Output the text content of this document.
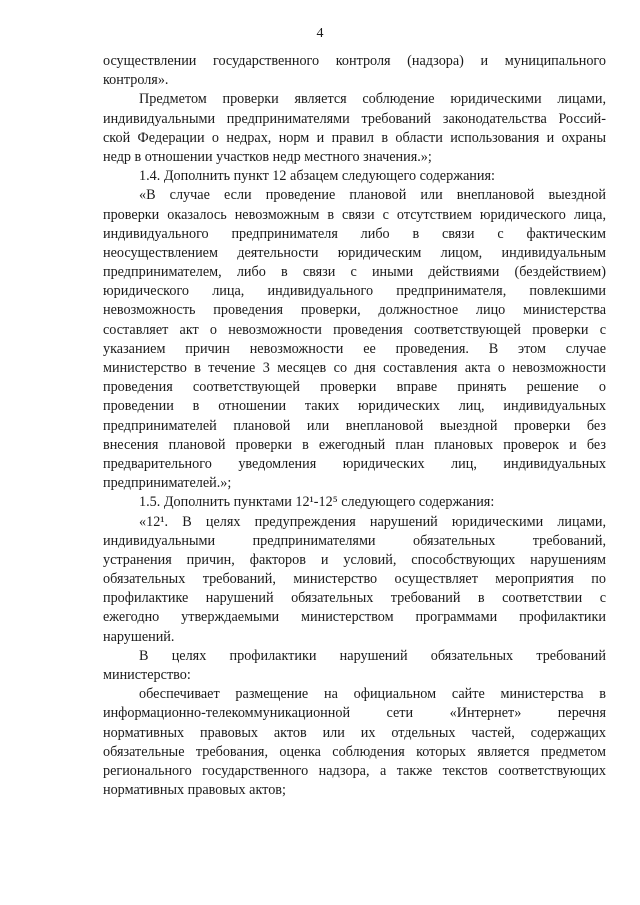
4
осуществлении государственного контроля (надзора) и муниципального
контроля».
Предметом проверки является соблюдение юридическими лицами,
индивидуальными предпринимателями требований законодательства Россий-
ской Федерации о недрах, норм и правил в области использования и охраны
недр в отношении участков недр местного значения.»;
1.4. Дополнить пункт 12 абзацем следующего содержания:
«В случае если проведение плановой или внеплановой выездной
проверки оказалось невозможным в связи с отсутствием юридического лица,
индивидуального предпринимателя либо в связи с фактическим
неосуществлением деятельности юридическим лицом, индивидуальным
предпринимателем, либо в связи с иными действиями (бездействием)
юридического лица, индивидуального предпринимателя, повлекшими
невозможность проведения проверки, должностное лицо министерства
составляет акт о невозможности проведения соответствующей проверки с
указанием причин невозможности ее проведения. В этом случае
министерство в течение 3 месяцев со дня составления акта о невозможности
проведения соответствующей проверки вправе принять решение о
проведении в отношении таких юридических лиц, индивидуальных
предпринимателей плановой или внеплановой выездной проверки без
внесения плановой проверки в ежегодный план плановых проверок и без
предварительного уведомления юридических лиц, индивидуальных
предпринимателей.»;
1.5. Дополнить пунктами 12¹-12⁵ следующего содержания:
«12¹. В целях предупреждения нарушений юридическими лицами,
индивидуальными предпринимателями обязательных требований,
устранения причин, факторов и условий, способствующих нарушениям
обязательных требований, министерство осуществляет мероприятия по
профилактике нарушений обязательных требований в соответствии с
ежегодно утверждаемыми министерством программами профилактики
нарушений.
В целях профилактики нарушений обязательных требований
министерство:
обеспечивает размещение на официальном сайте министерства в
информационно-телекоммуникационной сети «Интернет» перечня
нормативных правовых актов или их отдельных частей, содержащих
обязательные требования, оценка соблюдения которых является предметом
регионального государственного надзора, а также текстов соответствующих
нормативных правовых актов;
